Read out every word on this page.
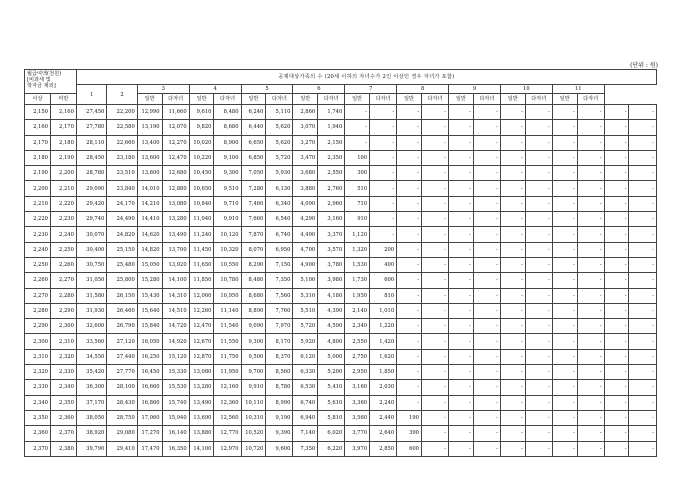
(단위 : 원)
월급여액(천원)
[비과세 및
학자금 제외]		공제대상가족의 수 (20세 이하의 자녀수가 2인 이상인 경우 자녀가 포함)																					
		1	2	3		4		5		6		7		8		9		10		11			
이상	미만			일반	다자녀	일반	다자녀	일반	다자녀	일반	다자녀	일반	다자녀	일반	다자녀	일반	다자녀	일반	다자녀	일반	다자녀		
2,150	2,160	27,450	22,200	12,990	11,660	9,610	8,480	6,240	5,110	2,860	1,740	-	-	-	-	-	-	-	-	-	-	-	-
2,160	2,170	27,780	22,580	13,190	12,070	9,820	8,680	6,440	5,620	3,070	1,940	-	-	-	-	-	-	-	-	-	-	-	-
2,170	2,180	28,110	22,660	13,400	12,270	10,020	8,900	6,650	5,620	3,270	2,150	-	-	-	-	-	-	-	-	-	-	-	-
2,180	2,190	28,450	23,180	13,600	12,470	10,220	9,100	6,850	5,720	3,470	2,350	100	-	-	-	-	-	-	-	-	-	-	-
2,190	2,200	28,780	23,510	13,800	12,680	10,450	9,300	7,050	5,930	3,680	2,550	300	-	-	-	-	-	-	-	-	-	-	-
2,200	2,210	29,090	23,840	14,010	12,880	10,650	9,510	7,280	6,130	3,880	2,760	510	-	-	-	-	-	-	-	-	-	-	-
2,210	2,220	29,420	24,170	14,210	13,080	10,840	9,710	7,460	6,340	4,090	2,960	710	-	-	-	-	-	-	-	-	-	-	-
2,220	2,230	29,740	24,490	14,410	13,280	11,040	9,910	7,660	6,540	4,290	3,160	910	-	-	-	-	-	-	-	-	-	-	-
2,230	2,240	30,070	24,820	14,620	13,490	11,240	10,120	7,870	6,740	4,490	3,370	1,120	-	-	-	-	-	-	-	-	-	-	-
2,240	2,250	30,400	25,150	14,820	13,700	11,450	10,320	8,070	6,950	4,700	3,570	1,320	200	-	-	-	-	-	-	-	-	-	-
2,250	2,260	30,750	25,480	15,050	13,920	11,650	10,550	8,290	7,150	4,900	3,780	1,530	400	-	-	-	-	-	-	-	-	-	-
2,260	2,270	31,050	25,800	15,280	14,100	11,850	10,780	8,480	7,350	5,100	3,980	1,730	600	-	-	-	-	-	-	-	-	-	-
2,270	2,280	31,580	26,150	15,430	14,310	12,060	10,950	8,680	7,560	5,310	4,180	1,950	810	-	-	-	-	-	-	-	-	-	-
2,280	2,290	31,930	26,460	15,640	14,510	12,260	11,140	8,890	7,760	5,510	4,390	2,140	1,010	-	-	-	-	-	-	-	-	-	-
2,290	2,300	32,600	26,790	15,840	14,720	12,470	11,540	9,090	7,970	5,720	4,590	2,340	1,220	-	-	-	-	-	-	-	-	-	-
2,300	2,310	33,560	27,120	16,050	14,920	12,670	11,550	9,300	8,170	5,920	4,800	2,550	1,420	-	-	-	-	-	-	-	-	-	-
2,310	2,320	34,550	27,440	16,250	15,120	12,870	11,750	9,500	8,370	6,120	5,000	2,750	1,620	-	-	-	-	-	-	-	-	-	-
2,320	2,330	35,420	27,770	16,450	15,330	13,080	11,950	9,700	8,560	6,330	5,200	2,950	1,850	-	-	-	-	-	-	-	-	-	-
2,330	2,340	36,300	28,100	16,660	15,530	13,280	12,160	9,910	8,780	6,530	5,410	3,160	2,030	-	-	-	-	-	-	-	-	-	-
2,340	2,350	37,170	28,430	16,860	15,740	13,490	12,360	10,110	8,990	6,740	5,610	3,360	2,240	-	-	-	-	-	-	-	-	-	-
2,350	2,360	38,050	28,750	17,060	15,940	13,690	12,560	10,310	9,190	6,940	5,810	3,560	2,440	190	-	-	-	-	-	-	-	-	-
2,360	2,370	38,920	29,080	17,270	16,140	13,880	12,770	10,520	9,390	7,140	6,020	3,770	2,640	390	-	-	-	-	-	-	-	-	-
2,370	2,380	39,790	29,410	17,470	16,350	14,100	12,970	10,720	9,600	7,350	6,220	3,970	2,850	600	-	-	-	-	-	-	-	-	-
